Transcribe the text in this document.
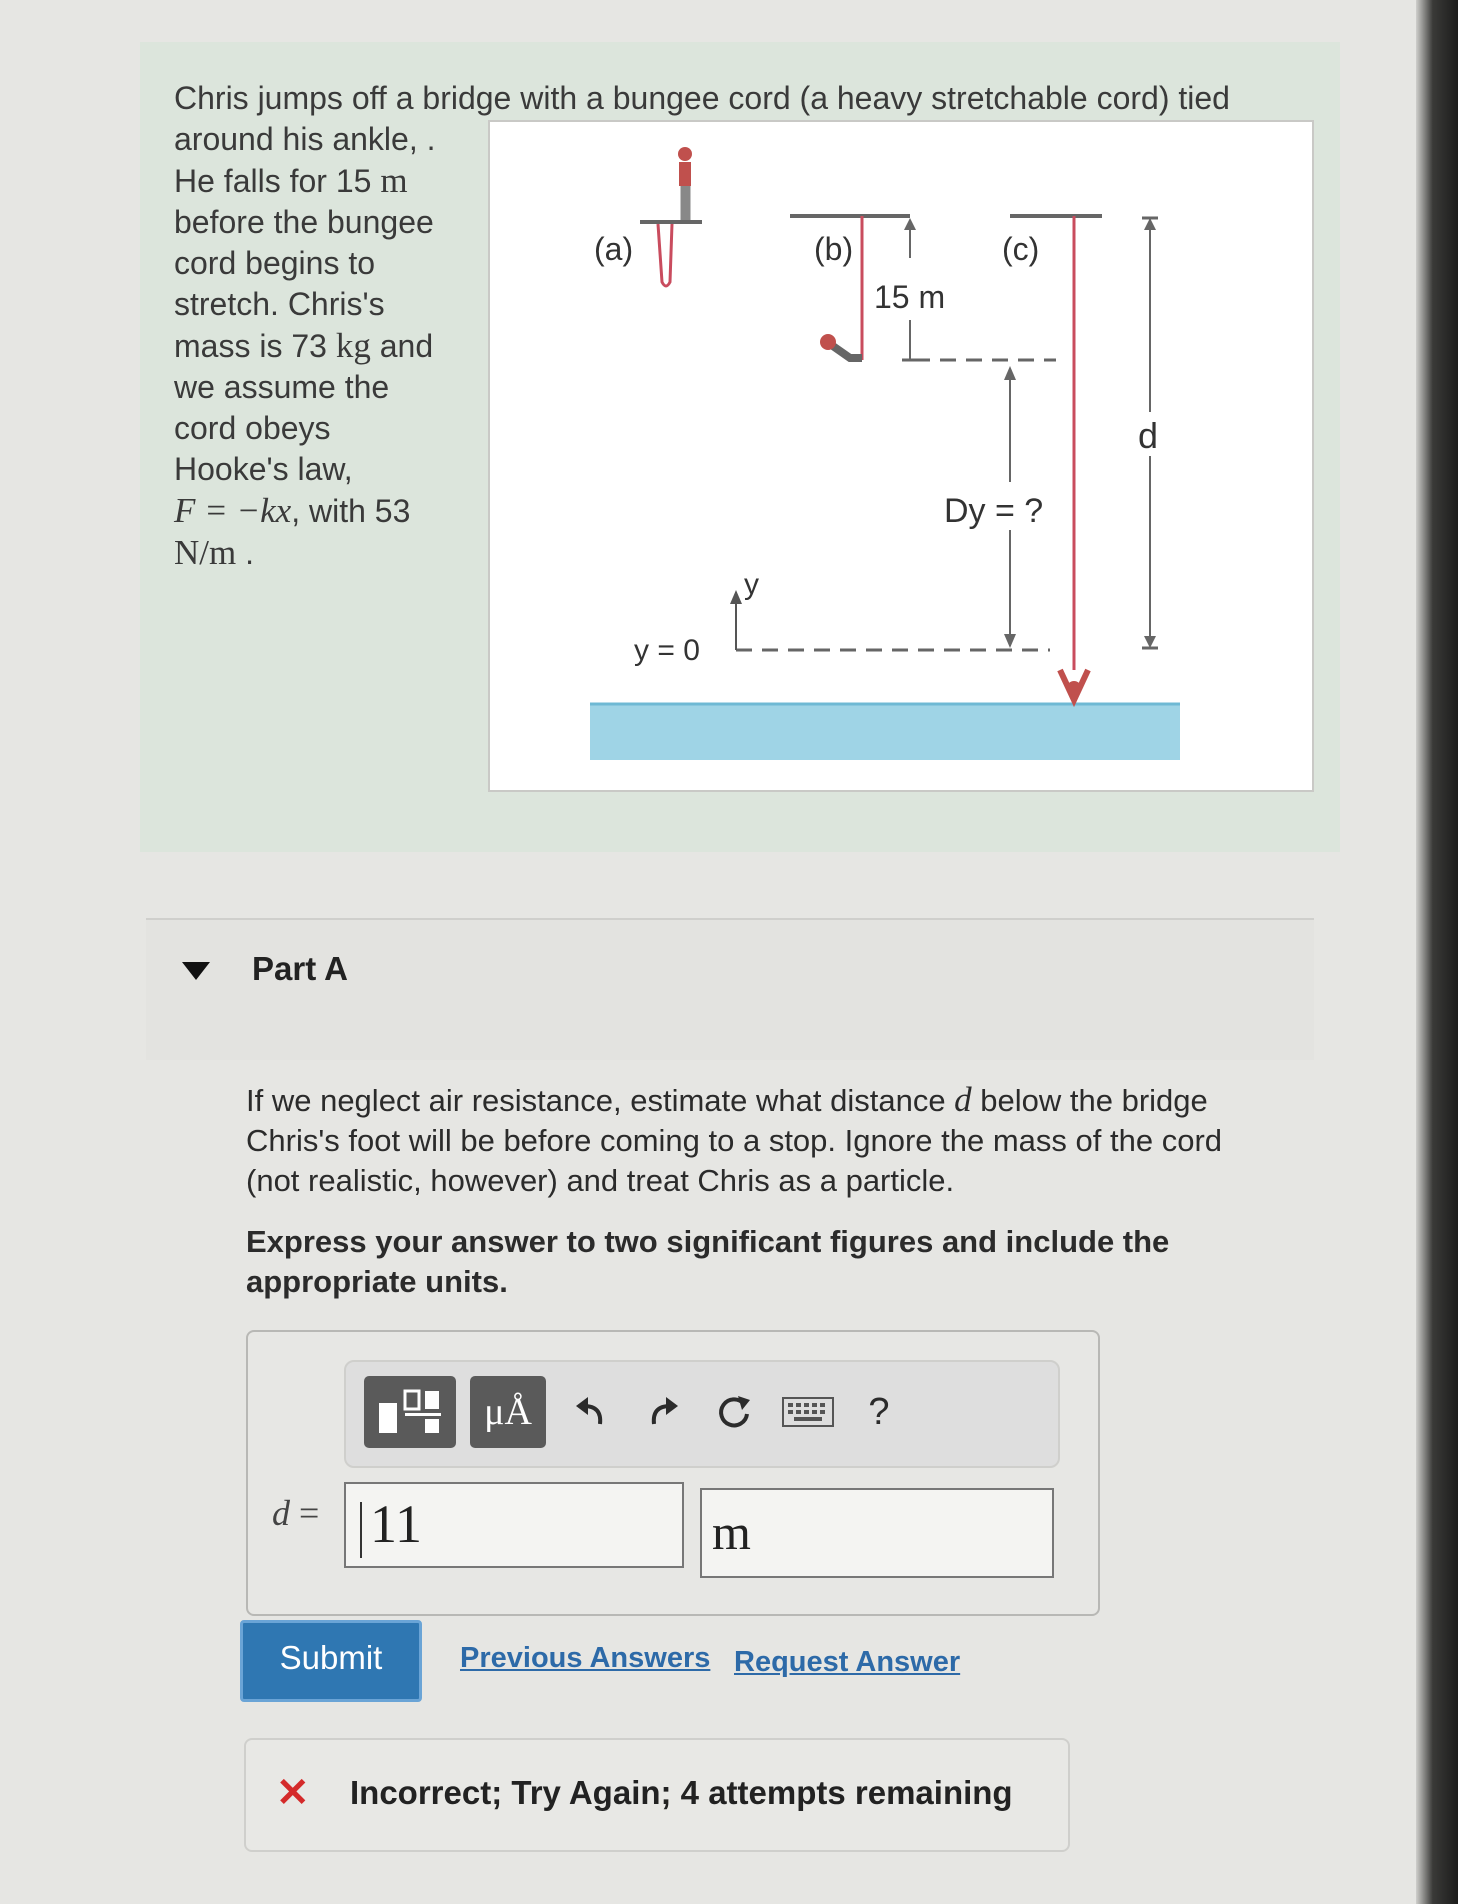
Chris jumps off a bridge with a bungee cord (a heavy stretchable cord) tied
around his ankle, .
He falls for 15 m
before the bungee
cord begins to
stretch. Chris's
mass is 73 kg and
we assume the
cord obeys
Hooke's law,
F = −kx, with 53
N/m .
(a)	(b)
15 m
(c)
Dy = ?
d
y
y = 0
Part A
If we neglect air resistance, estimate what distance d below the bridge Chris's foot will be before coming to a stop. Ignore the mass of the cord (not realistic, however) and treat Chris as a particle.
Express your answer to two significant figures and include the appropriate units.
μÅ	?
d = 11	m
Submit	Previous Answers Request Answer
✕ Incorrect; Try Again; 4 attempts remaining
